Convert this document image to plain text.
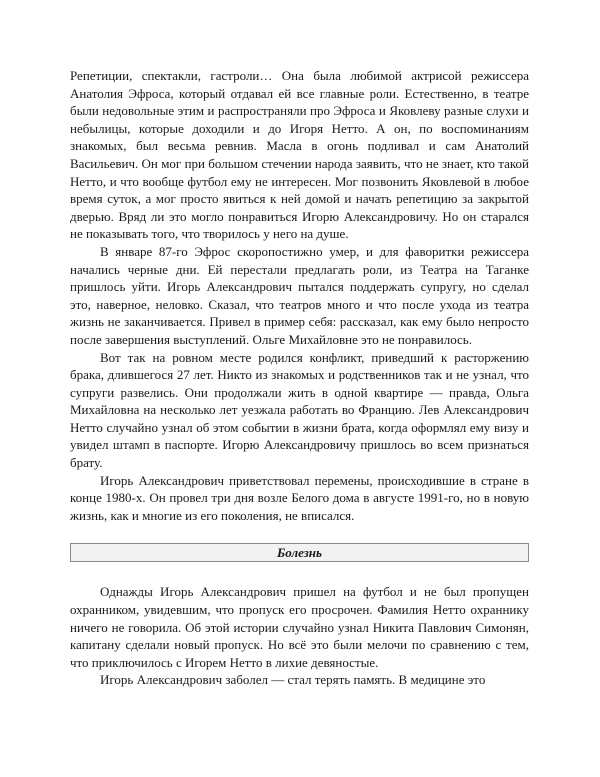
Репетиции, спектакли, гастроли… Она была любимой актрисой режиссера Анатолия Эфроса, который отдавал ей все главные роли. Естественно, в театре были недовольные этим и распространяли про Эфроса и Яковлеву разные слухи и небылицы, которые доходили и до Игоря Нетто. А он, по воспоминаниям знакомых, был весьма ревнив. Масла в огонь подливал и сам Анатолий Васильевич. Он мог при большом стечении народа заявить, что не знает, кто такой Нетто, и что вообще футбол ему не интересен. Мог позвонить Яковлевой в любое время суток, а мог просто явиться к ней домой и начать репетицию за закрытой дверью. Вряд ли это могло понравиться Игорю Александровичу. Но он старался не показывать того, что творилось у него на душе.

В январе 87-го Эфрос скоропостижно умер, и для фаворитки режиссера начались черные дни. Ей перестали предлагать роли, из Театра на Таганке пришлось уйти. Игорь Александрович пытался поддержать супругу, но сделал это, наверное, неловко. Сказал, что театров много и что после ухода из театра жизнь не заканчивается. Привел в пример себя: рассказал, как ему было непросто после завершения выступлений. Ольге Михайловне это не понравилось.

Вот так на ровном месте родился конфликт, приведший к расторжению брака, длившегося 27 лет. Никто из знакомых и родственников так и не узнал, что супруги развелись. Они продолжали жить в одной квартире — правда, Ольга Михайловна на несколько лет уезжала работать во Францию. Лев Александрович Нетто случайно узнал об этом событии в жизни брата, когда оформлял ему визу и увидел штамп в паспорте. Игорю Александровичу пришлось во всем признаться брату.

Игорь Александрович приветствовал перемены, происходившие в стране в конце 1980-х. Он провел три дня возле Белого дома в августе 1991-го, но в новую жизнь, как и многие из его поколения, не вписался.

Болезнь

Однажды Игорь Александрович пришел на футбол и не был пропущен охранником, увидевшим, что пропуск его просрочен. Фамилия Нетто охраннику ничего не говорила. Об этой истории случайно узнал Никита Павлович Симонян, капитану сделали новый пропуск. Но всё это были мелочи по сравнению с тем, что приключилось с Игорем Нетто в лихие девяностые.

Игорь Александрович заболел — стал терять память. В медицине это
